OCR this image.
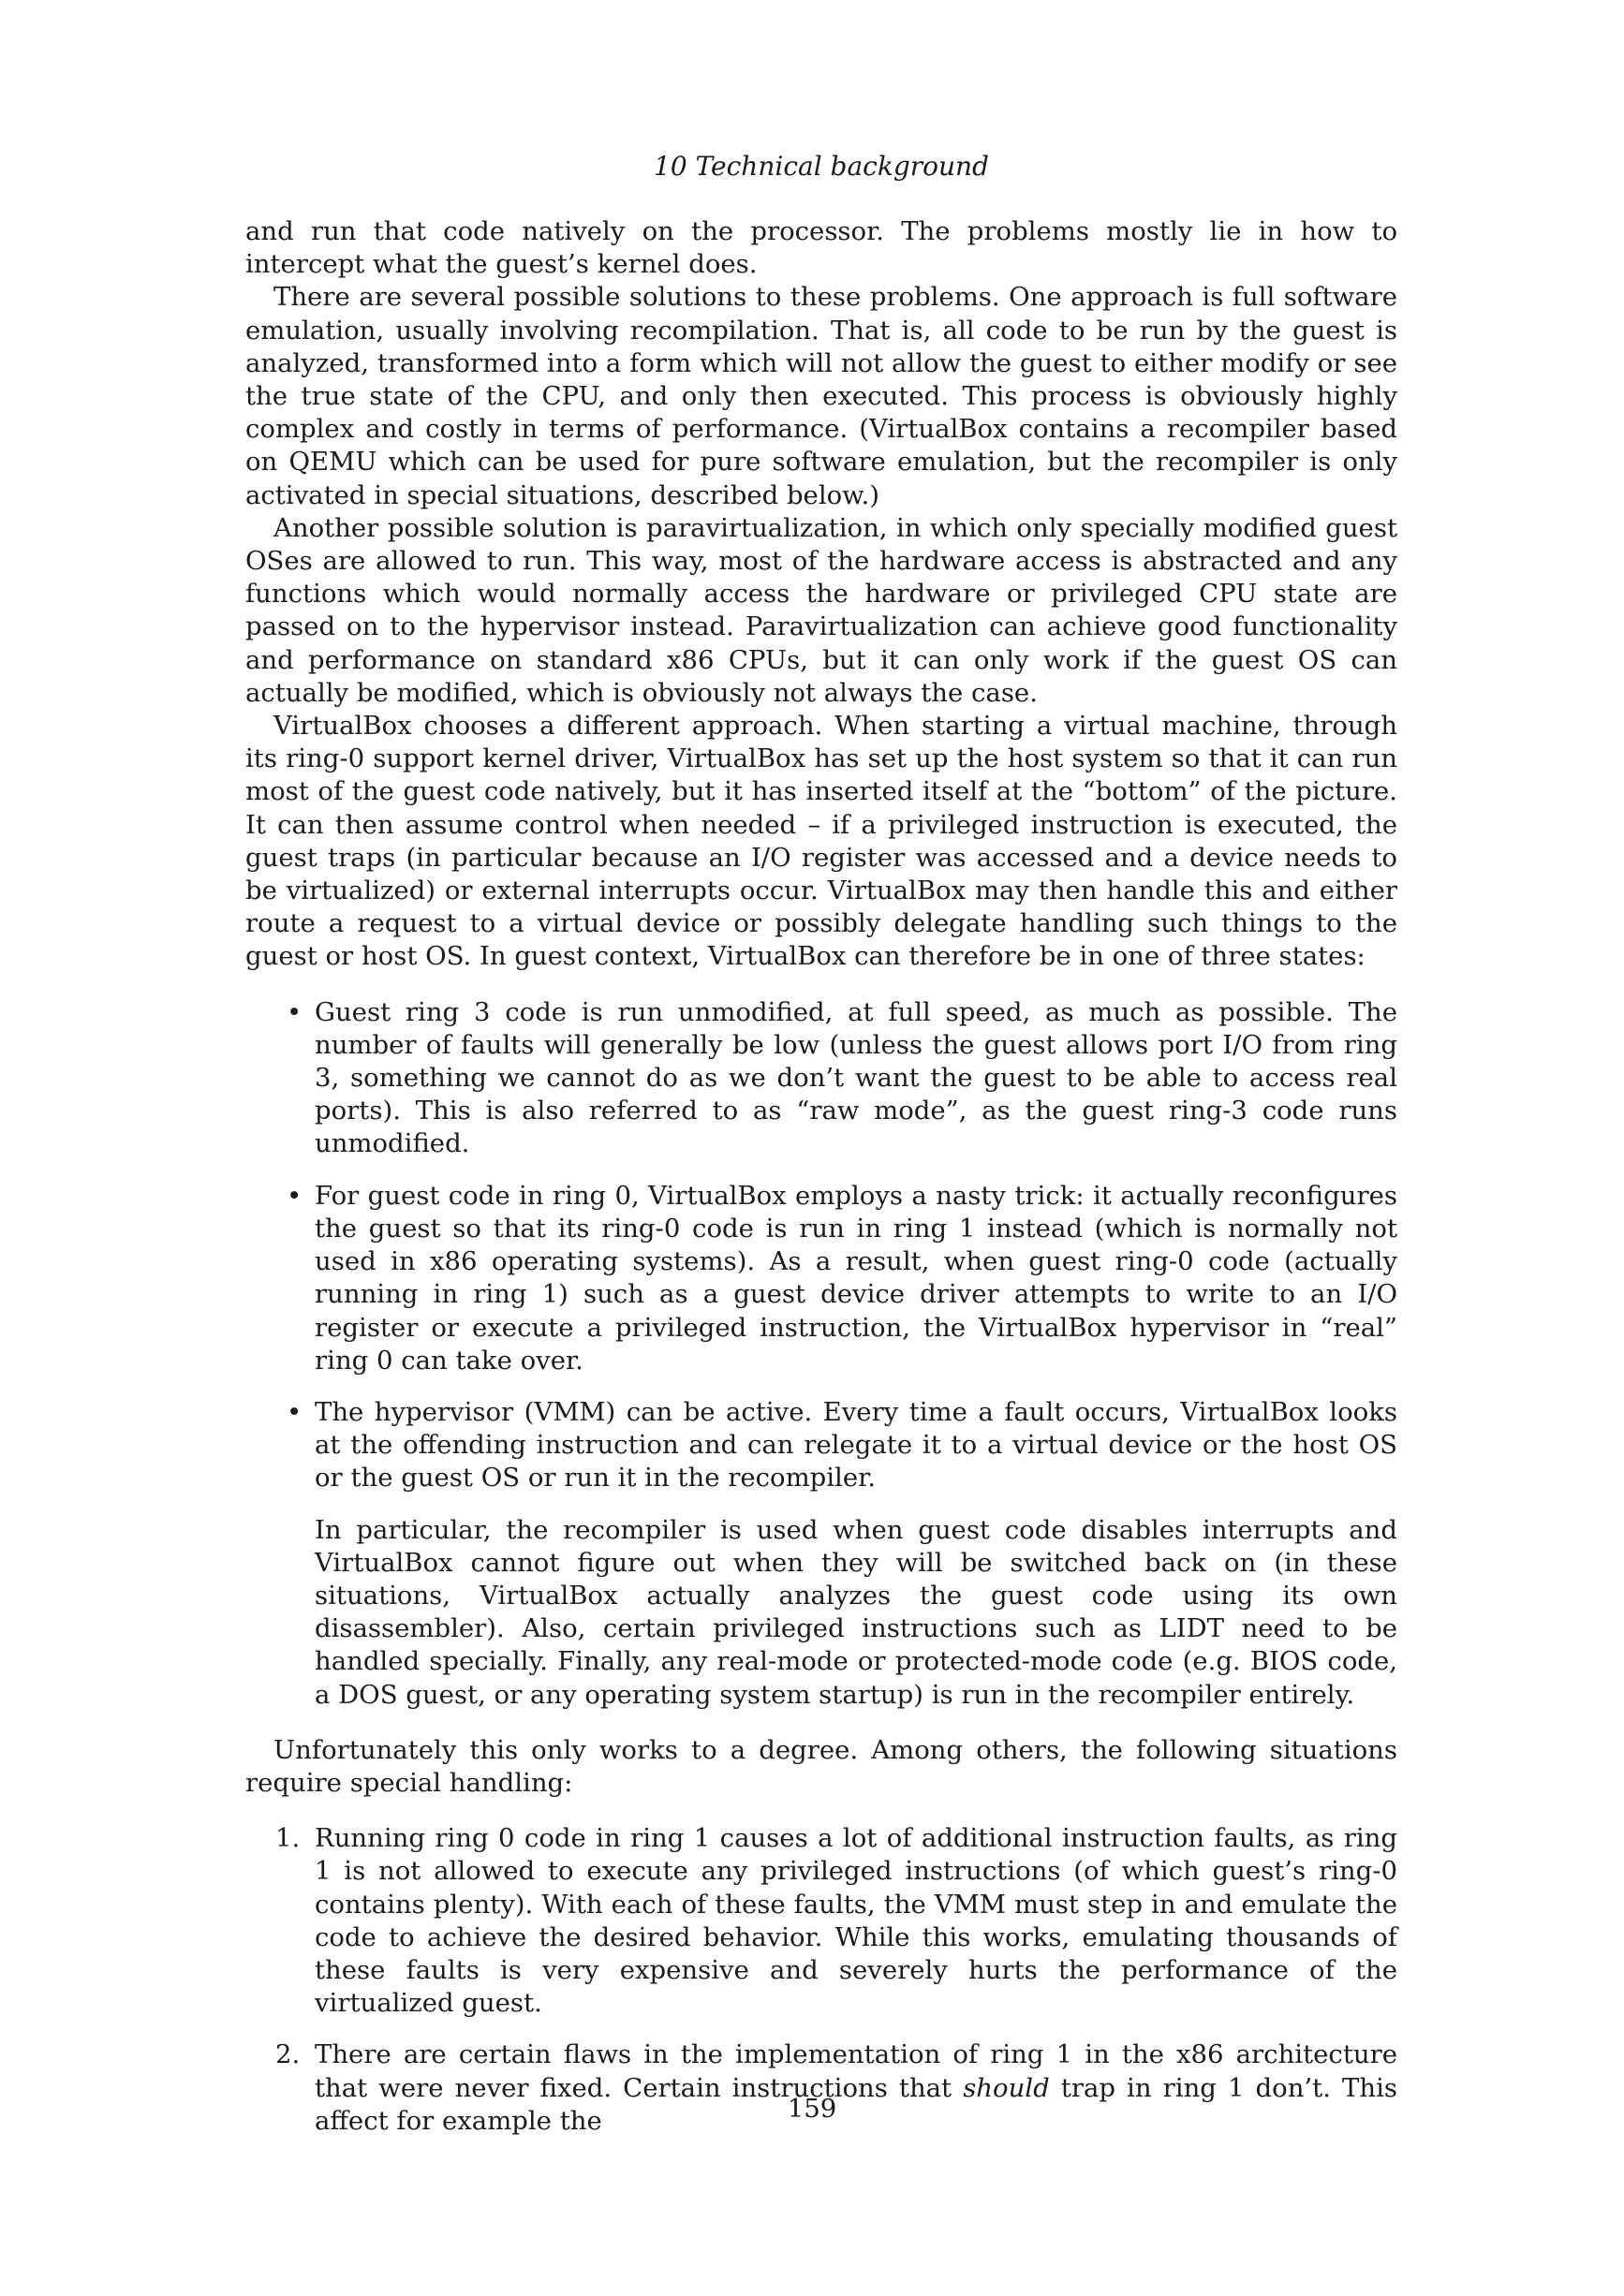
10 Technical background

and run that code natively on the processor. The problems mostly lie in how to intercept what the guest’s kernel does.

There are several possible solutions to these problems. One approach is full software emulation, usually involving recompilation. That is, all code to be run by the guest is analyzed, transformed into a form which will not allow the guest to either modify or see the true state of the CPU, and only then executed. This process is obviously highly complex and costly in terms of performance. (VirtualBox contains a recompiler based on QEMU which can be used for pure software emulation, but the recompiler is only activated in special situations, described below.)

Another possible solution is paravirtualization, in which only specially modified guest OSes are allowed to run. This way, most of the hardware access is abstracted and any functions which would normally access the hardware or privileged CPU state are passed on to the hypervisor instead. Paravirtualization can achieve good functionality and performance on standard x86 CPUs, but it can only work if the guest OS can actually be modified, which is obviously not always the case.

VirtualBox chooses a different approach. When starting a virtual machine, through its ring-0 support kernel driver, VirtualBox has set up the host system so that it can run most of the guest code natively, but it has inserted itself at the “bottom” of the picture. It can then assume control when needed – if a privileged instruction is executed, the guest traps (in particular because an I/O register was accessed and a device needs to be virtualized) or external interrupts occur. VirtualBox may then handle this and either route a request to a virtual device or possibly delegate handling such things to the guest or host OS. In guest context, VirtualBox can therefore be in one of three states:

• Guest ring 3 code is run unmodified, at full speed, as much as possible. The number of faults will generally be low (unless the guest allows port I/O from ring 3, something we cannot do as we don’t want the guest to be able to access real ports). This is also referred to as “raw mode”, as the guest ring-3 code runs unmodified.

• For guest code in ring 0, VirtualBox employs a nasty trick: it actually reconfigures the guest so that its ring-0 code is run in ring 1 instead (which is normally not used in x86 operating systems). As a result, when guest ring-0 code (actually running in ring 1) such as a guest device driver attempts to write to an I/O register or execute a privileged instruction, the VirtualBox hypervisor in “real” ring 0 can take over.

• The hypervisor (VMM) can be active. Every time a fault occurs, VirtualBox looks at the offending instruction and can relegate it to a virtual device or the host OS or the guest OS or run it in the recompiler.

In particular, the recompiler is used when guest code disables interrupts and VirtualBox cannot figure out when they will be switched back on (in these situations, VirtualBox actually analyzes the guest code using its own disassembler). Also, certain privileged instructions such as LIDT need to be handled specially. Finally, any real-mode or protected-mode code (e.g. BIOS code, a DOS guest, or any operating system startup) is run in the recompiler entirely.

Unfortunately this only works to a degree. Among others, the following situations require special handling:

1. Running ring 0 code in ring 1 causes a lot of additional instruction faults, as ring 1 is not allowed to execute any privileged instructions (of which guest’s ring-0 contains plenty). With each of these faults, the VMM must step in and emulate the code to achieve the desired behavior. While this works, emulating thousands of these faults is very expensive and severely hurts the performance of the virtualized guest.

2. There are certain flaws in the implementation of ring 1 in the x86 architecture that were never fixed. Certain instructions that should trap in ring 1 don’t. This affect for example the	159
